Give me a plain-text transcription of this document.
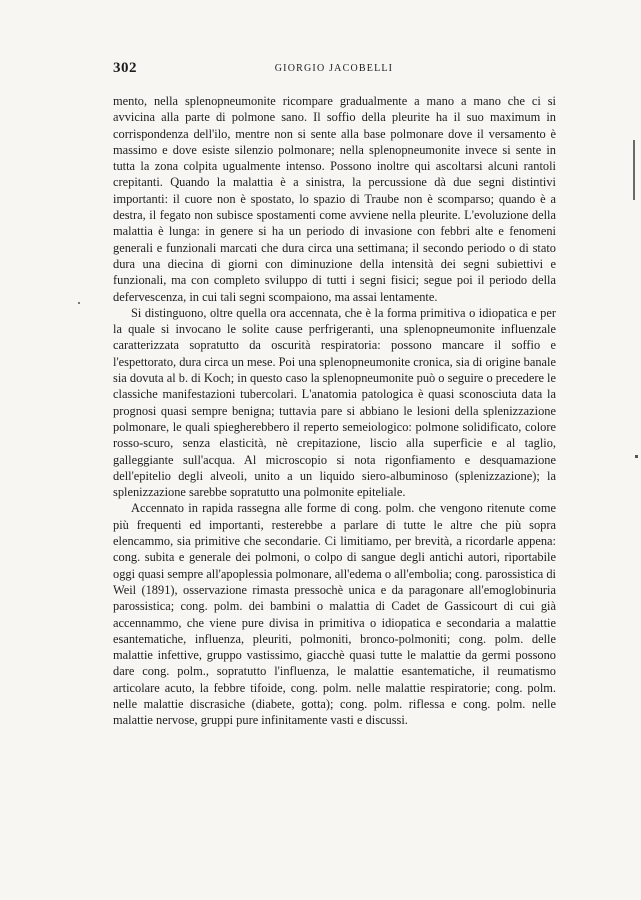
302	GIORGIO JACOBELLI

mento, nella splenopneumonite ricompare gradualmente a mano a mano che ci si avvicina alla parte di polmone sano. Il soffio della pleurite ha il suo maximum in corrispondenza dell'ilo, mentre non si sente alla base polmonare dove il versamento è massimo e dove esiste silenzio polmonare; nella splenopneumonite invece si sente in tutta la zona colpita ugualmente intenso. Possono inoltre qui ascoltarsi alcuni rantoli crepitanti. Quando la malattia è a sinistra, la percussione dà due segni distintivi importanti: il cuore non è spostato, lo spazio di Traube non è scomparso; quando è a destra, il fegato non subisce spostamenti come avviene nella pleurite. L'evoluzione della malattia è lunga: in genere si ha un periodo di invasione con febbri alte e fenomeni generali e funzionali marcati che dura circa una settimana; il secondo periodo o di stato dura una diecina di giorni con diminuzione della intensità dei segni subiettivi e funzionali, ma con completo sviluppo di tutti i segni fisici; segue poi il periodo della defervescenza, in cui tali segni scompaiono, ma assai lentamente.

Si distinguono, oltre quella ora accennata, che è la forma primitiva o idiopatica e per la quale si invocano le solite cause perfrigeranti, una splenopneumonite influenzale caratterizzata sopratutto da oscurità respiratoria: possono mancare il soffio e l'espettorato, dura circa un mese. Poi una splenopneumonite cronica, sia di origine banale sia dovuta al b. di Koch; in questo caso la splenopneumonite può o seguire o precedere le classiche manifestazioni tubercolari. L'anatomia patologica è quasi sconosciuta data la prognosi quasi sempre benigna; tuttavia pare si abbiano le lesioni della splenizzazione polmonare, le quali spiegherebbero il reperto semeiologico: polmone solidificato, colore rosso-scuro, senza elasticità, nè crepitazione, liscio alla superficie e al taglio, galleggiante sull'acqua. Al microscopio si nota rigonfiamento e desquamazione dell'epitelio degli alveoli, unito a un liquido siero-albuminoso (splenizzazione); la splenizzazione sarebbe sopratutto una polmonite epiteliale.

Accennato in rapida rassegna alle forme di cong. polm. che vengono ritenute come più frequenti ed importanti, resterebbe a parlare di tutte le altre che più sopra elencammo, sia primitive che secondarie. Ci limitiamo, per brevità, a ricordarle appena: cong. subita e generale dei polmoni, o colpo di sangue degli antichi autori, riportabile oggi quasi sempre all'apoplessia polmonare, all'edema o all'embolia; cong. parossistica di Weil (1891), osservazione rimasta pressochè unica e da paragonare all'emoglobinuria parossistica; cong. polm. dei bambini o malattia di Cadet de Gassicourt di cui già accennammo, che viene pure divisa in primitiva o idiopatica e secondaria a malattie esantematiche, influenza, pleuriti, polmoniti, bronco-polmoniti; cong. polm. delle malattie infettive, gruppo vastissimo, giacchè quasi tutte le malattie da germi possono dare cong. polm., sopratutto l'influenza, le malattie esantematiche, il reumatismo articolare acuto, la febbre tifoide, cong. polm. nelle malattie respiratorie; cong. polm. nelle malattie discrasiche (diabete, gotta); cong. polm. riflessa e cong. polm. nelle malattie nervose, gruppi pure infinitamente vasti e discussi.
